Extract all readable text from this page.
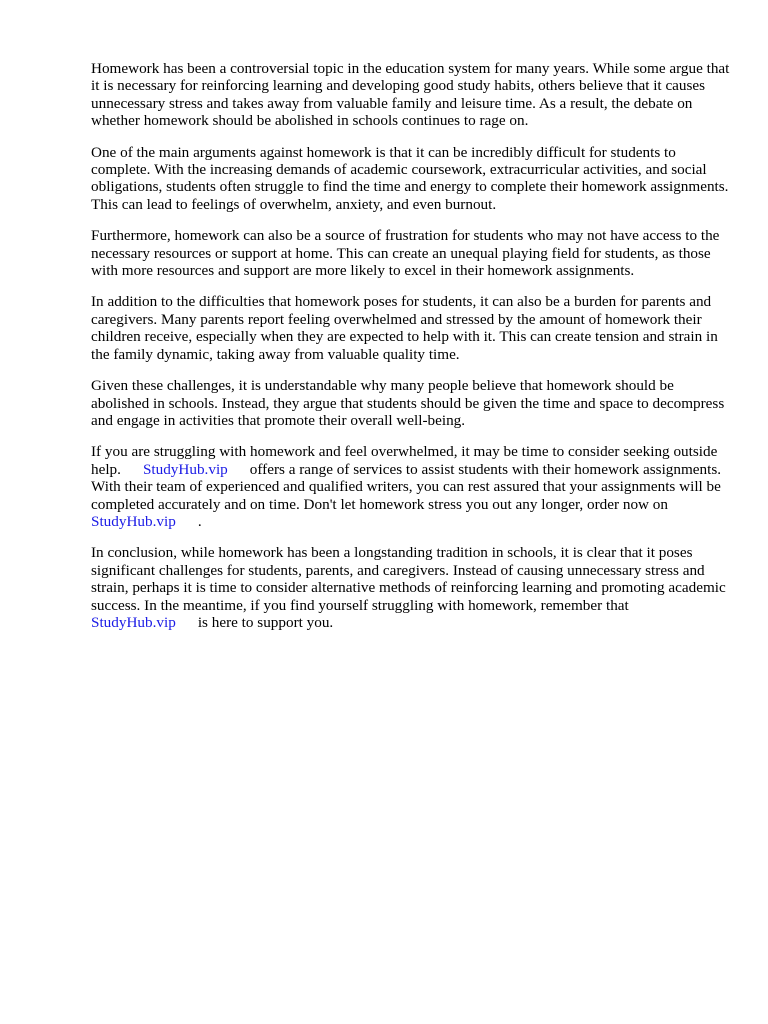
Homework has been a controversial topic in the education system for many years. While some argue that it is necessary for reinforcing learning and developing good study habits, others believe that it causes unnecessary stress and takes away from valuable family and leisure time. As a result, the debate on whether homework should be abolished in schools continues to rage on.

One of the main arguments against homework is that it can be incredibly difficult for students to complete. With the increasing demands of academic coursework, extracurricular activities, and social obligations, students often struggle to find the time and energy to complete their homework assignments. This can lead to feelings of overwhelm, anxiety, and even burnout.

Furthermore, homework can also be a source of frustration for students who may not have access to the necessary resources or support at home. This can create an unequal playing field for students, as those with more resources and support are more likely to excel in their homework assignments.

In addition to the difficulties that homework poses for students, it can also be a burden for parents and caregivers. Many parents report feeling overwhelmed and stressed by the amount of homework their children receive, especially when they are expected to help with it. This can create tension and strain in the family dynamic, taking away from valuable quality time.

Given these challenges, it is understandable why many people believe that homework should be abolished in schools. Instead, they argue that students should be given the time and space to decompress and engage in activities that promote their overall well-being.

If you are struggling with homework and feel overwhelmed, it may be time to consider seeking outside help. StudyHub.vip offers a range of services to assist students with their homework assignments. With their team of experienced and qualified writers, you can rest assured that your assignments will be completed accurately and on time. Don't let homework stress you out any longer, order now onStudyHub.vip .

In conclusion, while homework has been a longstanding tradition in schools, it is clear that it poses significant challenges for students, parents, and caregivers. Instead of causing unnecessary stress and strain, perhaps it is time to consider alternative methods of reinforcing learning and promoting academic success. In the meantime, if you find yourself struggling with homework, remember thatStudyHub.vip is here to support you.
